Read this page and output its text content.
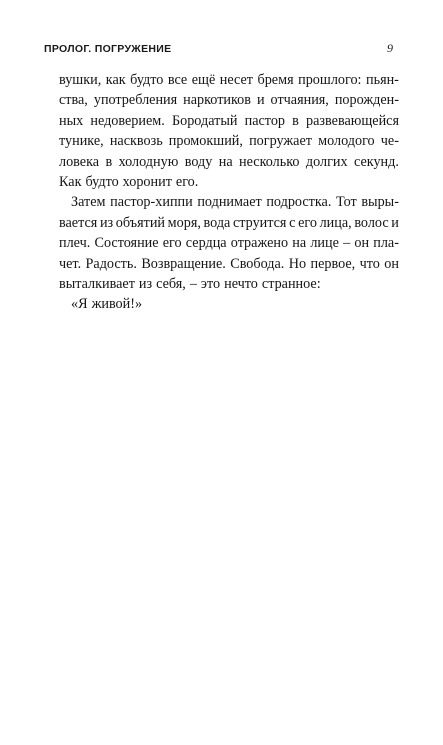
ПРОЛОГ. ПОГРУЖЕНИЕ	9
вушки, как будто все ещё несет бремя прошлого: пьян-
ства, употребления наркотиков и отчаяния, порожден-
ных недоверием. Бородатый пастор в развевающейся
тунике, насквозь промокший, погружает молодого че-
ловека в холодную воду на несколько долгих секунд.
Как будто хоронит его.
Затем пастор-хиппи поднимает подростка. Тот выры-
вается из объятий моря, вода струится с его лица, волос и
плеч. Состояние его сердца отражено на лице – он пла-
чет. Радость. Возвращение. Свобода. Но первое, что он
выталкивает из себя, – это нечто странное:
«Я живой!»
